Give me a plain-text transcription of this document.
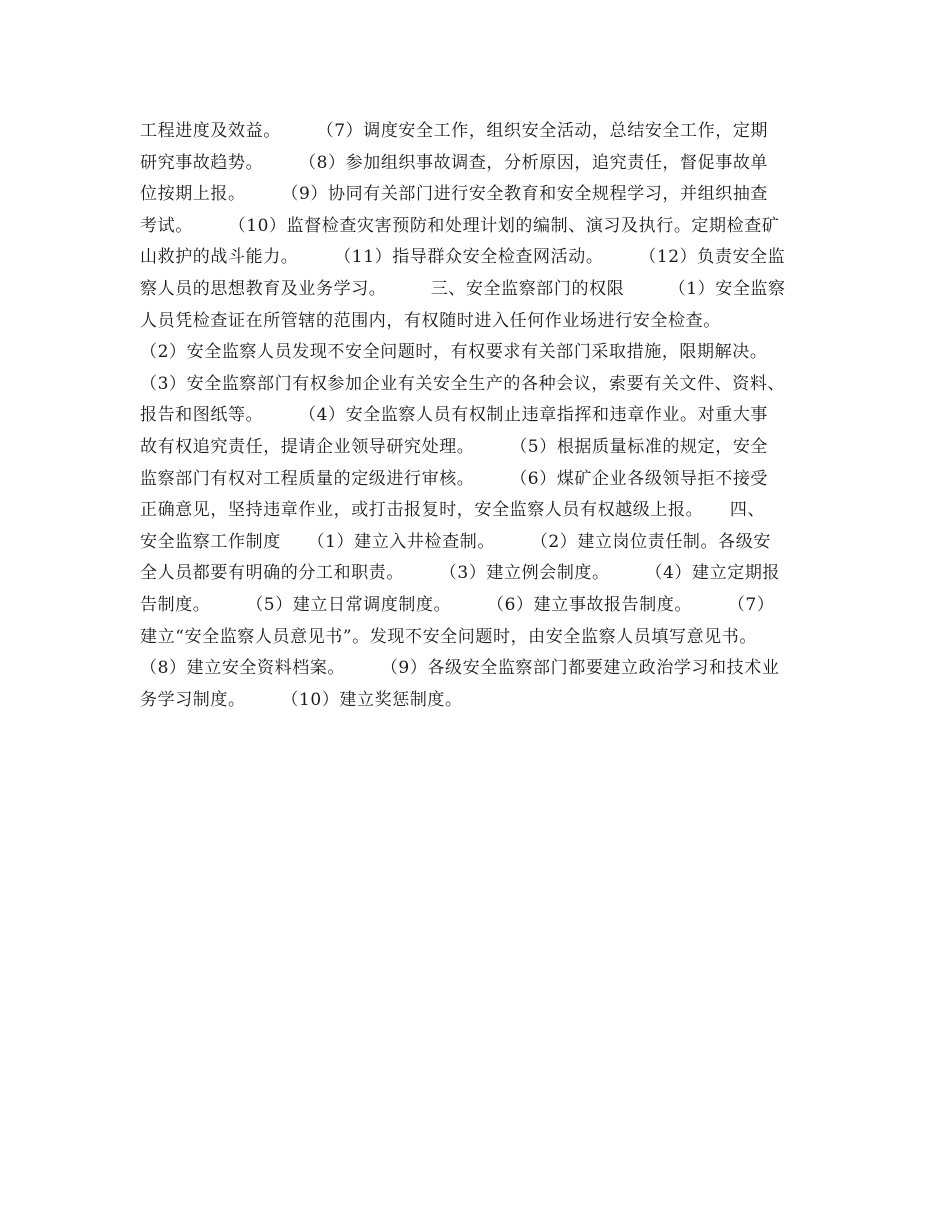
工程进度及效益。　　　（7）调度安全工作，组织安全活动，总结安全工作，定期
研究事故趋势。　　　（8）参加组织事故调查，分析原因，追究责任，督促事故单
位按期上报。　　　（9）协同有关部门进行安全教育和安全规程学习，并组织抽查
考试。　　　（10）监督检查灾害预防和处理计划的编制、演习及执行。定期检查矿
山救护的战斗能力。　　　（11）指导群众安全检查网活动。　　　（12）负责安全监
察人员的思想教育及业务学习。　　　三、安全监察部门的权限　　　（1）安全监察
人员凭检查证在所管辖的范围内，有权随时进入任何作业场进行安全检查。
（2）安全监察人员发现不安全问题时，有权要求有关部门采取措施，限期解决。
（3）安全监察部门有权参加企业有关安全生产的各种会议，索要有关文件、资料、
报告和图纸等。　　　（4）安全监察人员有权制止违章指挥和违章作业。对重大事
故有权追究责任，提请企业领导研究处理。　　　（5）根据质量标准的规定，安全
监察部门有权对工程质量的定级进行审核。　　　（6）煤矿企业各级领导拒不接受
正确意见，坚持违章作业，或打击报复时，安全监察人员有权越级上报。　　四、
安全监察工作制度　　（1）建立入井检查制。　　　（2）建立岗位责任制。各级安
全人员都要有明确的分工和职责。　　　（3）建立例会制度。　　　（4）建立定期报
告制度。　　　（5）建立日常调度制度。　　　（6）建立事故报告制度。　　　（7）
建立“安全监察人员意见书”。发现不安全问题时，由安全监察人员填写意见书。
（8）建立安全资料档案。　　　（9）各级安全监察部门都要建立政治学习和技术业
务学习制度。　　　（10）建立奖惩制度。
